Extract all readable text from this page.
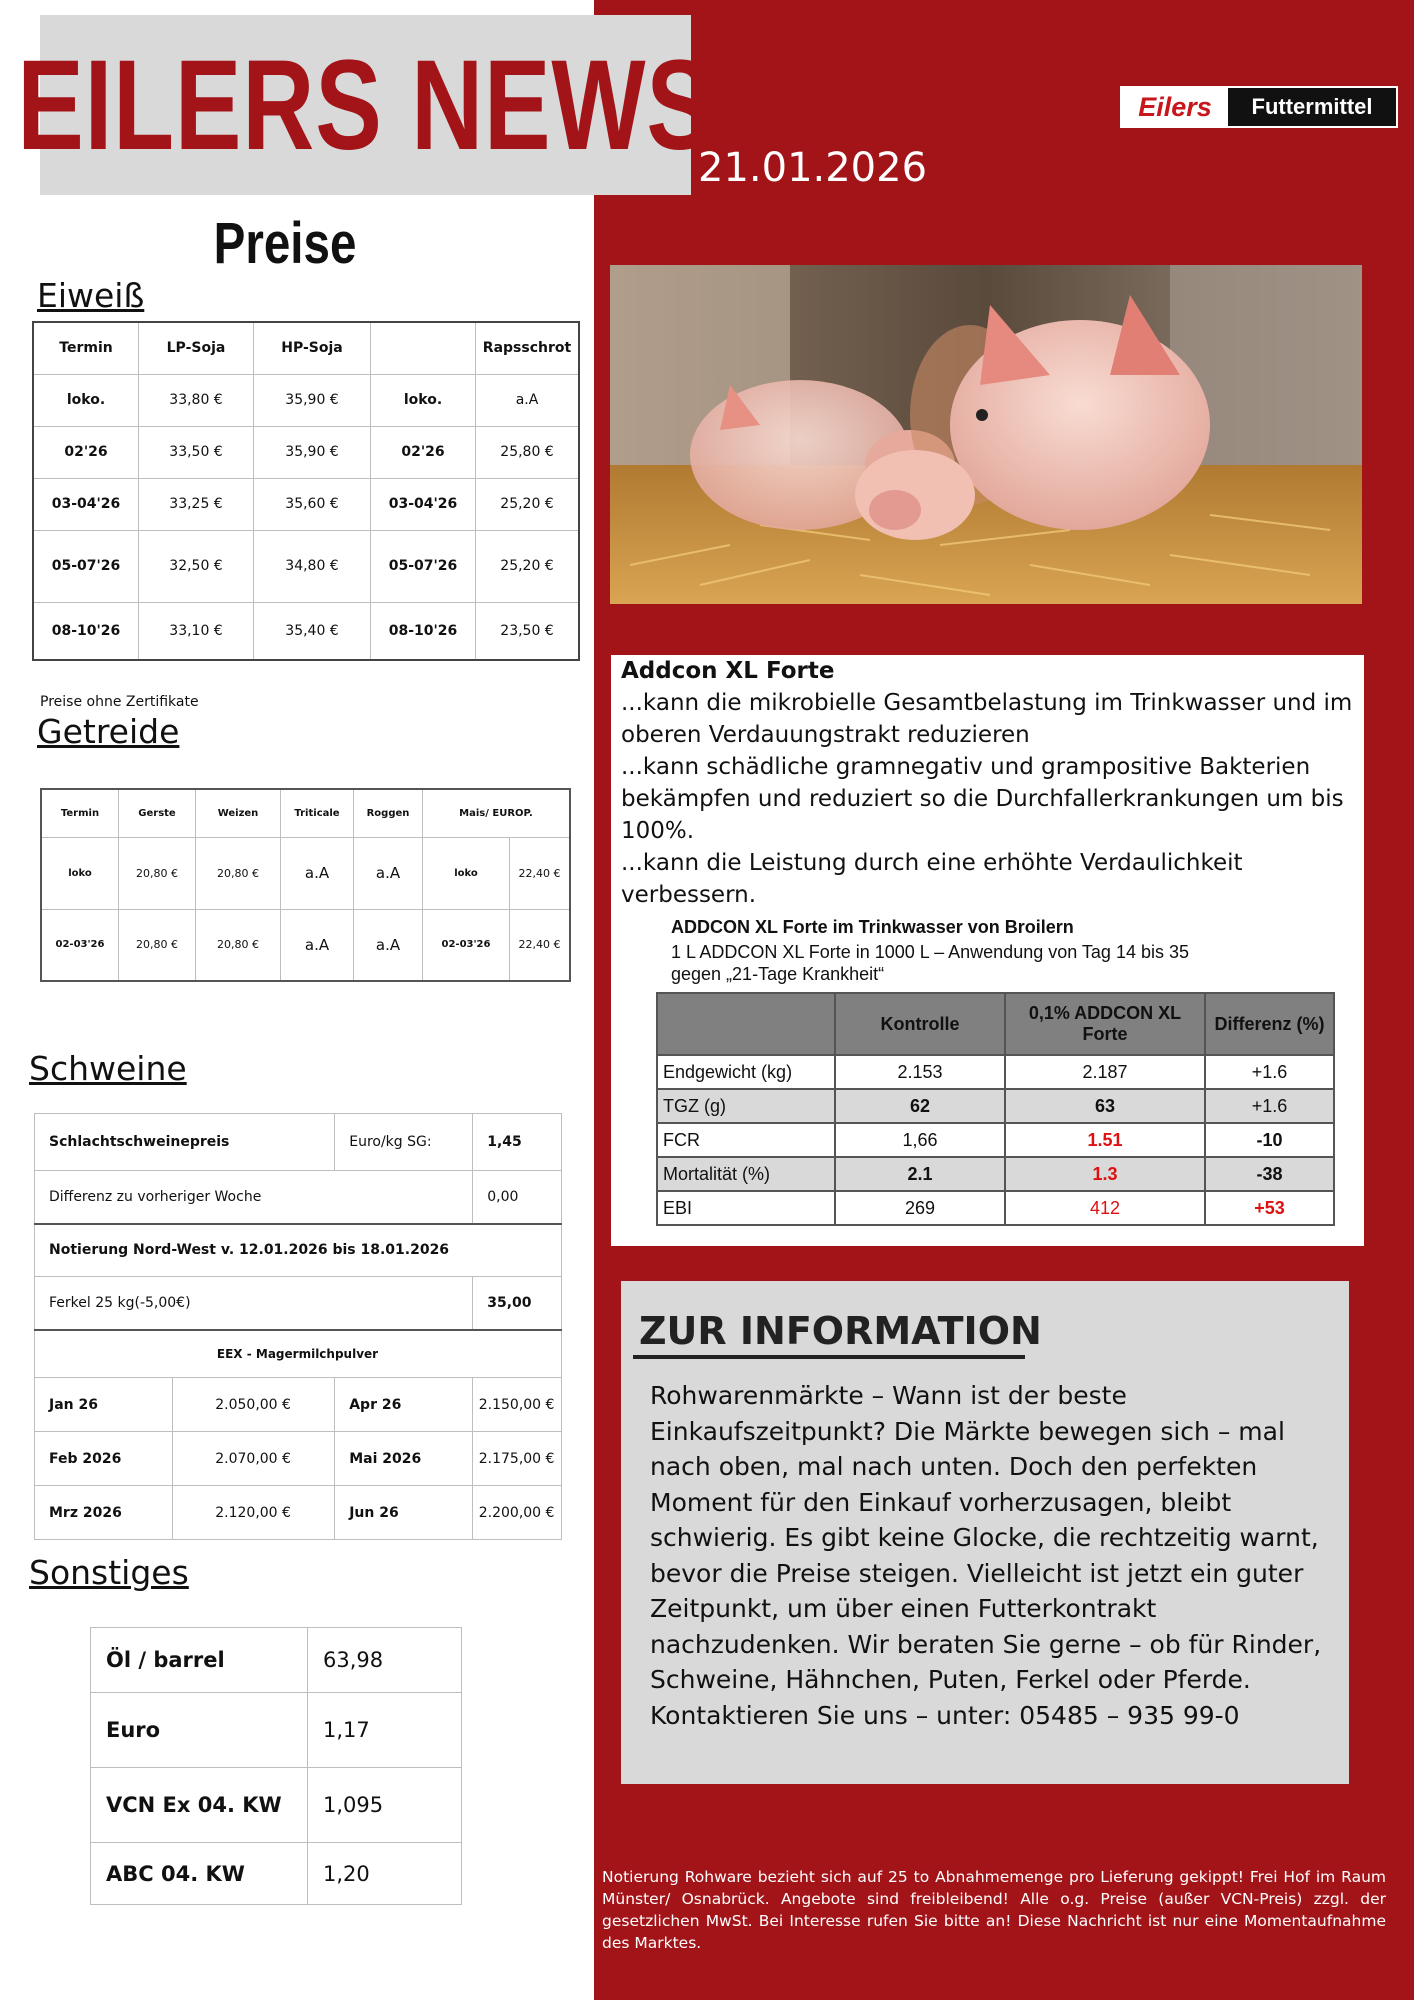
EILERS NEWS
21.01.2026
Eilers	Futtermittel
Preise
Eiweiß
Termin	LP-Soja	HP-Soja		Rapsschrot
loko.	33,80 €	35,90 €	loko.	a.A
02'26	33,50 €	35,90 €	02'26	25,80 €
03-04'26	33,25 €	35,60 €	03-04'26	25,20 €
05-07'26	32,50 €	34,80 €	05-07'26	25,20 €
08-10'26	33,10 €	35,40 €	08-10'26	23,50 €
Preise ohne Zertifikate
Getreide
Termin	Gerste	Weizen	Triticale	Roggen	Mais/ EUROP.	
loko	20,80 €	20,80 €	a.A	a.A	loko	22,40 €
02-03'26	20,80 €	20,80 €	a.A	a.A	02-03'26	22,40 €
Schweine
Schlachtschweinepreis		Euro/kg SG:	1,45
Differenz zu vorheriger Woche			0,00
Notierung Nord-West v. 12.01.2026 bis 18.01.2026			
Ferkel 25 kg(-5,00€)			35,00
EEX - Magermilchpulver			
Jan 26	2.050,00 €	Apr 26	2.150,00 €
Feb 2026	2.070,00 €	Mai 2026	2.175,00 €
Mrz 2026	2.120,00 €	Jun 26	2.200,00 €
Sonstiges
Öl / barrel	63,98
Euro	1,17
VCN Ex 04. KW	1,095
ABC 04. KW	1,20
Addcon XL Forte
...kann die mikrobielle Gesamtbelastung im Trinkwasser und im oberen Verdauungstrakt reduzieren
...kann schädliche gramnegativ und grampositive Bakterien bekämpfen und reduziert so die Durchfallerkrankungen um bis 100%.
...kann die Leistung durch eine erhöhte Verdaulichkeit verbessern.
ADDCON XL Forte im Trinkwasser von Broilern
1 L ADDCON XL Forte in 1000 L – Anwendung von Tag 14 bis 35
gegen „21-Tage Krankheit“
	Kontrolle	0,1% ADDCON XL Forte	Differenz (%)
Endgewicht (kg)	2.153	2.187	+1.6
TGZ (g)	62	63	+1.6
FCR	1,66	1.51	-10
Mortalität (%)	2.1	1.3	-38
EBI	269	412	+53
ZUR INFORMATION
Rohwarenmärkte – Wann ist der beste Einkaufszeitpunkt? Die Märkte bewegen sich – mal nach oben, mal nach unten. Doch den perfekten Moment für den Einkauf vorherzusagen, bleibt schwierig. Es gibt keine Glocke, die rechtzeitig warnt, bevor die Preise steigen. Vielleicht ist jetzt ein guter Zeitpunkt, um über einen Futterkontrakt nachzudenken. Wir beraten Sie gerne – ob für Rinder, Schweine, Hähnchen, Puten, Ferkel oder Pferde. Kontaktieren Sie uns – unter: 05485 – 935 99-0
Notierung Rohware bezieht sich auf 25 to Abnahmemenge pro Lieferung gekippt! Frei Hof im Raum Münster/ Osnabrück. Angebote sind freibleibend! Alle o.g. Preise (außer VCN-Preis) zzgl. der gesetzlichen MwSt. Bei Interesse rufen Sie bitte an! Diese Nachricht ist nur eine Momentaufnahme des Marktes.
